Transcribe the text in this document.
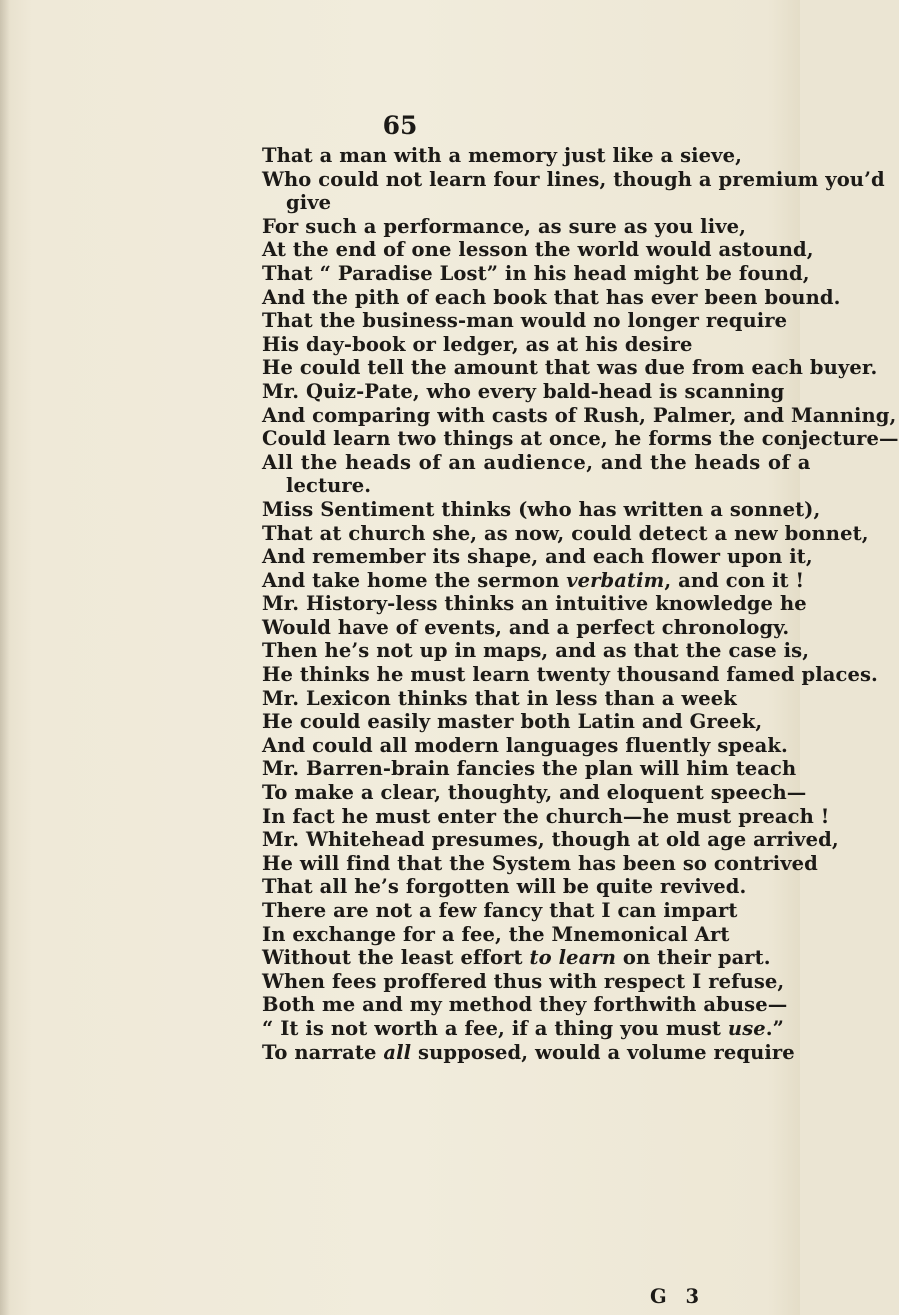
65
That a man with a memory just like a sieve,
Who could not learn four lines, though a premium you’d
give
For such a performance, as sure as you live,
At the end of one lesson the world would astound,
That “ Paradise Lost” in his head might be found,
And the pith of each book that has ever been bound.
That the business-man would no longer require
His day-book or ledger, as at his desire
He could tell the amount that was due from each buyer.
Mr. Quiz-Pate, who every bald-head is scanning
And comparing with casts of Rush, Palmer, and Manning,
Could learn two things at once, he forms the conjecture—
All the heads of an audience, and the heads of a
lecture.
Miss Sentiment thinks (who has written a sonnet),
That at church she, as now, could detect a new bonnet,
And remember its shape, and each flower upon it,
And take home the sermon verbatim, and con it !
Mr. History-less thinks an intuitive knowledge he
Would have of events, and a perfect chronology.
Then he’s not up in maps, and as that the case is,
He thinks he must learn twenty thousand famed places.
Mr. Lexicon thinks that in less than a week
He could easily master both Latin and Greek,
And could all modern languages fluently speak.
Mr. Barren-brain fancies the plan will him teach
To make a clear, thoughty, and eloquent speech—
In fact he must enter the church—he must preach !
Mr. Whitehead presumes, though at old age arrived,
He will find that the System has been so contrived
That all he’s forgotten will be quite revived.
There are not a few fancy that I can impart
In exchange for a fee, the Mnemonical Art
Without the least effort to learn on their part.
When fees proffered thus with respect I refuse,
Both me and my method they forthwith abuse—
“ It is not worth a fee, if a thing you must use.”
To narrate all supposed, would a volume require
G 3
